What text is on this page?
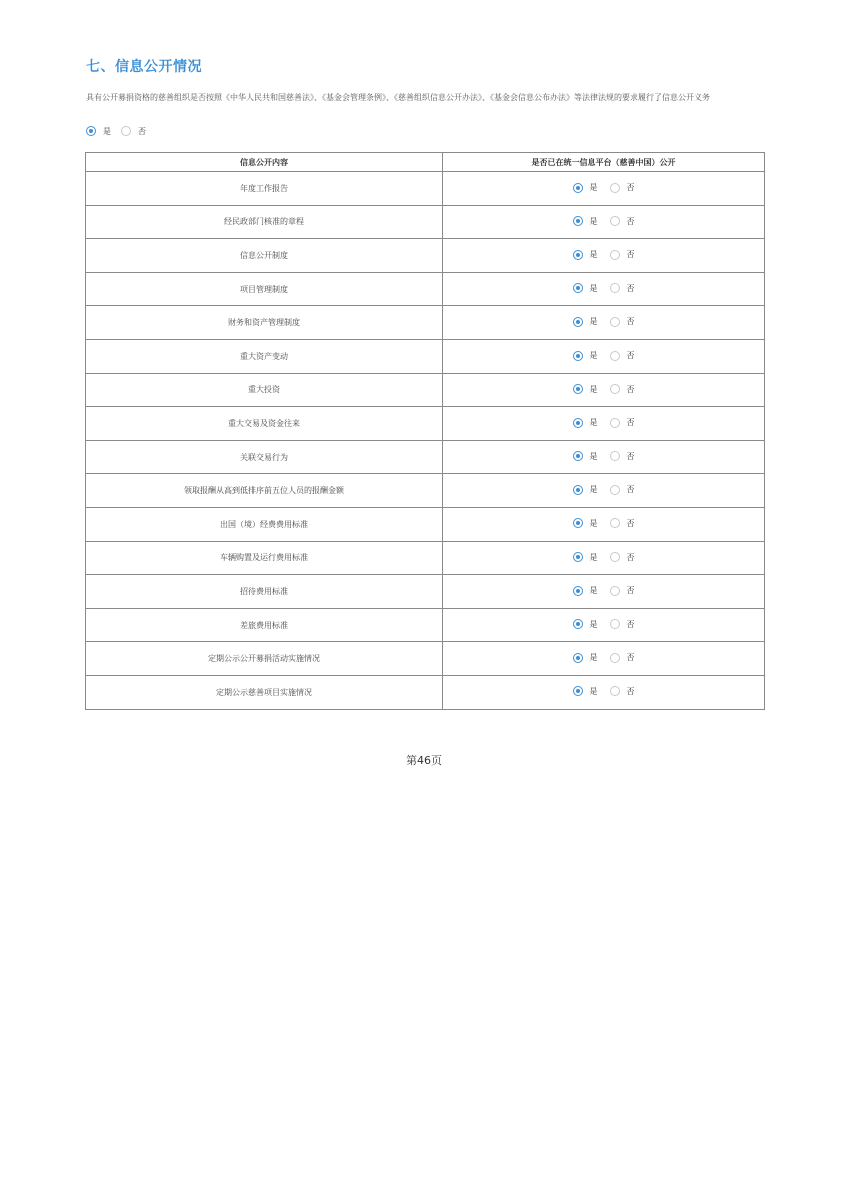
七、信息公开情况
具有公开募捐资格的慈善组织是否按照《中华人民共和国慈善法》、《基金会管理条例》、《慈善组织信息公开办法》、《基金会信息公布办法》等法律法规的要求履行了信息公开义务
是	否
信息公开内容	是否已在统一信息平台（慈善中国）公开
年度工作报告	是 否

经民政部门核准的章程	是 否

信息公开制度	是 否

项目管理制度	是 否

财务和资产管理制度	是 否

重大资产变动	是 否

重大投资	是 否

重大交易及资金往来	是 否

关联交易行为	是 否

领取报酬从高到低排序前五位人员的报酬金额	是 否

出国（境）经费费用标准	是 否

车辆购置及运行费用标准	是 否

招待费用标准	是 否

差旅费用标准	是 否

定期公示公开募捐活动实施情况	是 否

定期公示慈善项目实施情况	是 否
第46页
